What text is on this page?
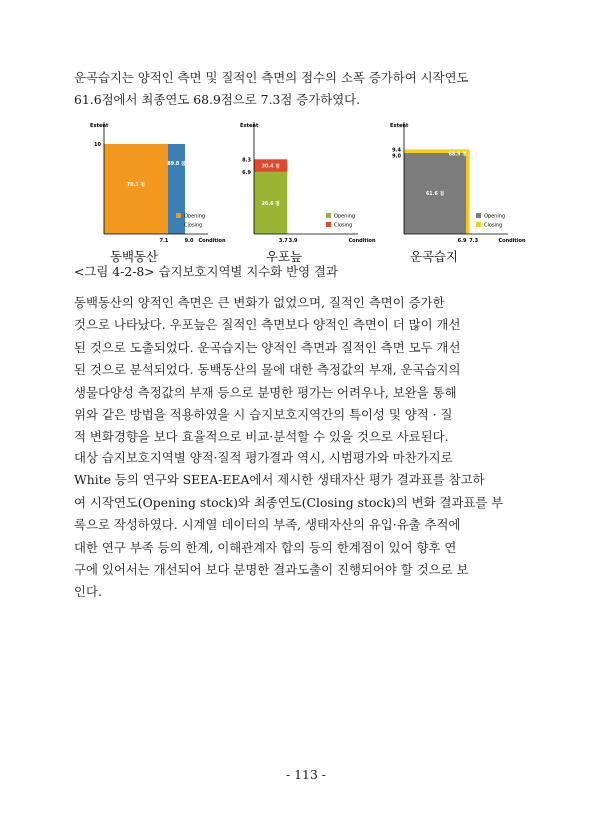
운곡습지는 양적인 측면 및 질적인 측면의 점수의 소폭 증가하여 시작연도
61.6점에서 최종연도 68.9점으로 7.3점 증가하였다.

70.1 점
89.8 점
Extent
Condition
10
7.1	9.0
Opening
Closing
동백동산
30.4 점
26.6 점
Extent
Condition
8.3
6.9
3.7 3.9
Opening
Closing
우포늪
68.9 점
61.6 점
Extent
Condition
9.4
9.0
6.9 7.3
Opening
Closing
운곡습지
<그림 4-2-8> 습지보호지역별 지수화 반영 결과

동백동산의 양적인 측면은 큰 변화가 없었으며, 질적인 측면이 증가한
것으로 나타났다. 우포늪은 질적인 측면보다 양적인 측면이 더 많이 개선
된 것으로 도출되었다. 운곡습지는 양적인 측면과 질적인 측면 모두 개선
된 것으로 분석되었다. 동백동산의 물에 대한 측정값의 부재, 운곡습지의
생물다양성 측정값의 부재 등으로 분명한 평가는 어려우나, 보완을 통해
위와 같은 방법을 적용하였을 시 습지보호지역간의 특이성 및 양적 · 질
적 변화경향을 보다 효율적으로 비교·분석할 수 있을 것으로 사료된다.

대상 습지보호지역별 양적·질적 평가결과 역시, 시범평가와 마찬가지로
White 등의 연구와 SEEA-EEA에서 제시한 생태자산 평가 결과표를 참고하
여 시작연도(Opening stock)와 최종연도(Closing stock)의 변화 결과표를 부
록으로 작성하였다. 시계열 데이터의 부족, 생태자산의 유입·유출 추적에
대한 연구 부족 등의 한계, 이해관계자 합의 등의 한계점이 있어 향후 연
구에 있어서는 개선되어 보다 분명한 결과도출이 진행되어야 할 것으로 보
인다.

- 113 -
